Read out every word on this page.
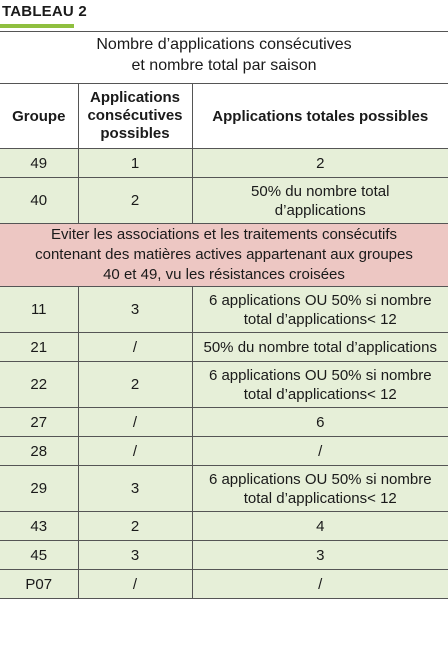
TABLEAU 2
Nombre d’applications consécutives
et nombre total par saison
Groupe	Applications
consécutives
possibles	Applications totales possibles
49	1	2

40	2	50% du nombre total
d’applications

Eviter les associations et les traitements consécutifs
contenant des matières actives appartenant aux groupes
40 et 49, vu les résistances croisées		

11	3	6 applications OU 50% si nombre
total d’applications< 12

21	/	50% du nombre total d’applications

22	2	6 applications OU 50% si nombre
total d’applications< 12

27	/	6

28	/	/

29	3	6 applications OU 50% si nombre
total d’applications< 12

43	2	4

45	3	3

P07	/	/
